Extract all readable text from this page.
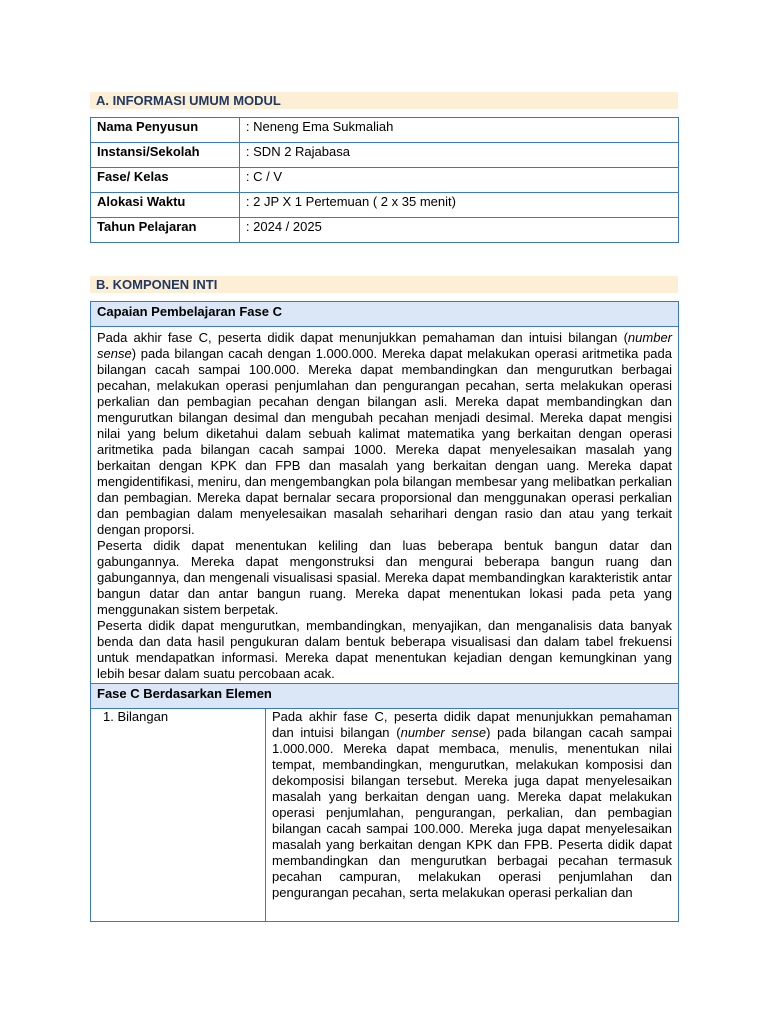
A. INFORMASI UMUM MODUL
Nama Penyusun	: Neneng Ema Sukmaliah
Instansi/Sekolah	: SDN 2 Rajabasa
Fase/ Kelas	: C / V
Alokasi Waktu	: 2 JP X 1 Pertemuan ( 2 x 35 menit)
Tahun Pelajaran	: 2024 / 2025
B. KOMPONEN INTI
Capaian Pembelajaran Fase C

Pada akhir fase C, peserta didik dapat menunjukkan pemahaman dan intuisi bilangan (number sense) pada bilangan cacah dengan 1.000.000. Mereka dapat melakukan operasi aritmetika pada bilangan cacah sampai 100.000. Mereka dapat membandingkan dan mengurutkan berbagai pecahan, melakukan operasi penjumlahan dan pengurangan pecahan, serta melakukan operasi perkalian dan pembagian pecahan dengan bilangan asli. Mereka dapat membandingkan dan mengurutkan bilangan desimal dan mengubah pecahan menjadi desimal. Mereka dapat mengisi nilai yang belum diketahui dalam sebuah kalimat matematika yang berkaitan dengan operasi aritmetika pada bilangan cacah sampai 1000. Mereka dapat menyelesaikan masalah yang berkaitan dengan KPK dan FPB dan masalah yang berkaitan dengan uang. Mereka dapat mengidentifikasi, meniru, dan mengembangkan pola bilangan membesar yang melibatkan perkalian dan pembagian. Mereka dapat bernalar secara proporsional dan menggunakan operasi perkalian dan pembagian dalam menyelesaikan masalah seharihari dengan rasio dan atau yang terkait dengan proporsi.

Peserta didik dapat menentukan keliling dan luas beberapa bentuk bangun datar dan gabungannya. Mereka dapat mengonstruksi dan mengurai beberapa bangun ruang dan gabungannya, dan mengenali visualisasi spasial. Mereka dapat membandingkan karakteristik antar bangun datar dan antar bangun ruang. Mereka dapat menentukan lokasi pada peta yang menggunakan sistem berpetak.

Peserta didik dapat mengurutkan, membandingkan, menyajikan, dan menganalisis data banyak benda dan data hasil pengukuran dalam bentuk beberapa visualisasi dan dalam tabel frekuensi untuk mendapatkan informasi. Mereka dapat menentukan kejadian dengan kemungkinan yang lebih besar dalam suatu percobaan acak.

Fase C Berdasarkan Elemen
1. Bilangan	Pada akhir fase C, peserta didik dapat menunjukkan pemahaman dan intuisi bilangan (number sense) pada bilangan cacah sampai 1.000.000. Mereka dapat membaca, menulis, menentukan nilai tempat, membandingkan, mengurutkan, melakukan komposisi dan dekomposisi bilangan tersebut. Mereka juga dapat menyelesaikan masalah yang berkaitan dengan uang. Mereka dapat melakukan operasi penjumlahan, pengurangan, perkalian, dan pembagian bilangan cacah sampai 100.000. Mereka juga dapat menyelesaikan masalah yang berkaitan dengan KPK dan FPB. Peserta didik dapat membandingkan dan mengurutkan berbagai pecahan termasuk pecahan campuran, melakukan operasi penjumlahan dan pengurangan pecahan, serta melakukan operasi perkalian dan
